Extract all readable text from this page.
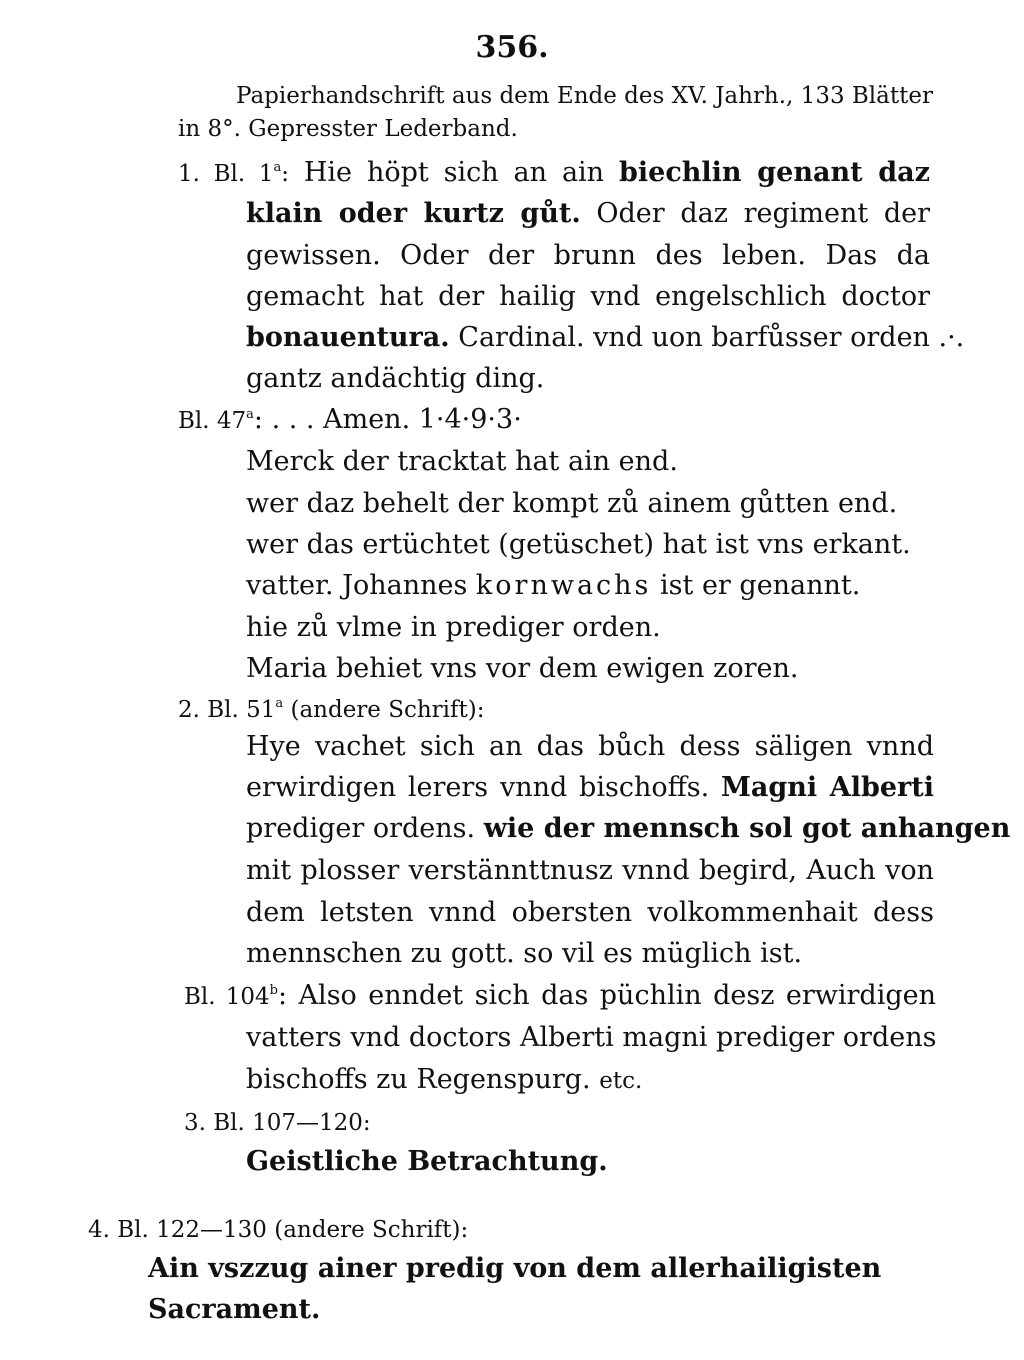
356.
Papierhandschrift aus dem Ende des XV. Jahrh., 133 Blätter
in 8°. Gepresster Lederband.
1. Bl. 1$^a$: Hie höpt sich an ain biechlin genant daz
klain oder kurtz gůt. Oder daz regiment der
gewissen. Oder der brunn des leben. Das da
gemacht hat der hailig vnd engelschlich doctor
bonauentura. Cardinal. vnd uon barfůsser orden .·.
gantz andächtig ding.
Bl. 47$^a$: . . . Amen. 1·4·9·3·
Merck der tracktat hat ain end.
wer daz behelt der kompt zů ainem gůtten end.
wer das ertüchtet (getüschet) hat ist vns erkant.
vatter. Johannes kornwachs ist er genannt.
hie zů vlme in prediger orden.
Maria behiet vns vor dem ewigen zoren.
2. Bl. 51$^a$ (andere Schrift):
Hye vachet sich an das bůch dess säligen vnnd
erwirdigen lerers vnnd bischoffs. Magni Alberti
prediger ordens. wie der mennsch sol got anhangen
mit plosser verstännttnusz vnnd begird, Auch von
dem letsten vnnd obersten volkommenhait dess
mennschen zu gott. so vil es müglich ist.
Bl. 104$^b$: Also enndet sich das püchlin desz erwirdigen
vatters vnd doctors Alberti magni prediger ordens
bischoffs zu Regenspurg. etc.
3. Bl. 107—120:
Geistliche Betrachtung.
4. Bl. 122—130 (andere Schrift):
Ain vszzug ainer predig von dem allerhailigisten
Sacrament.
